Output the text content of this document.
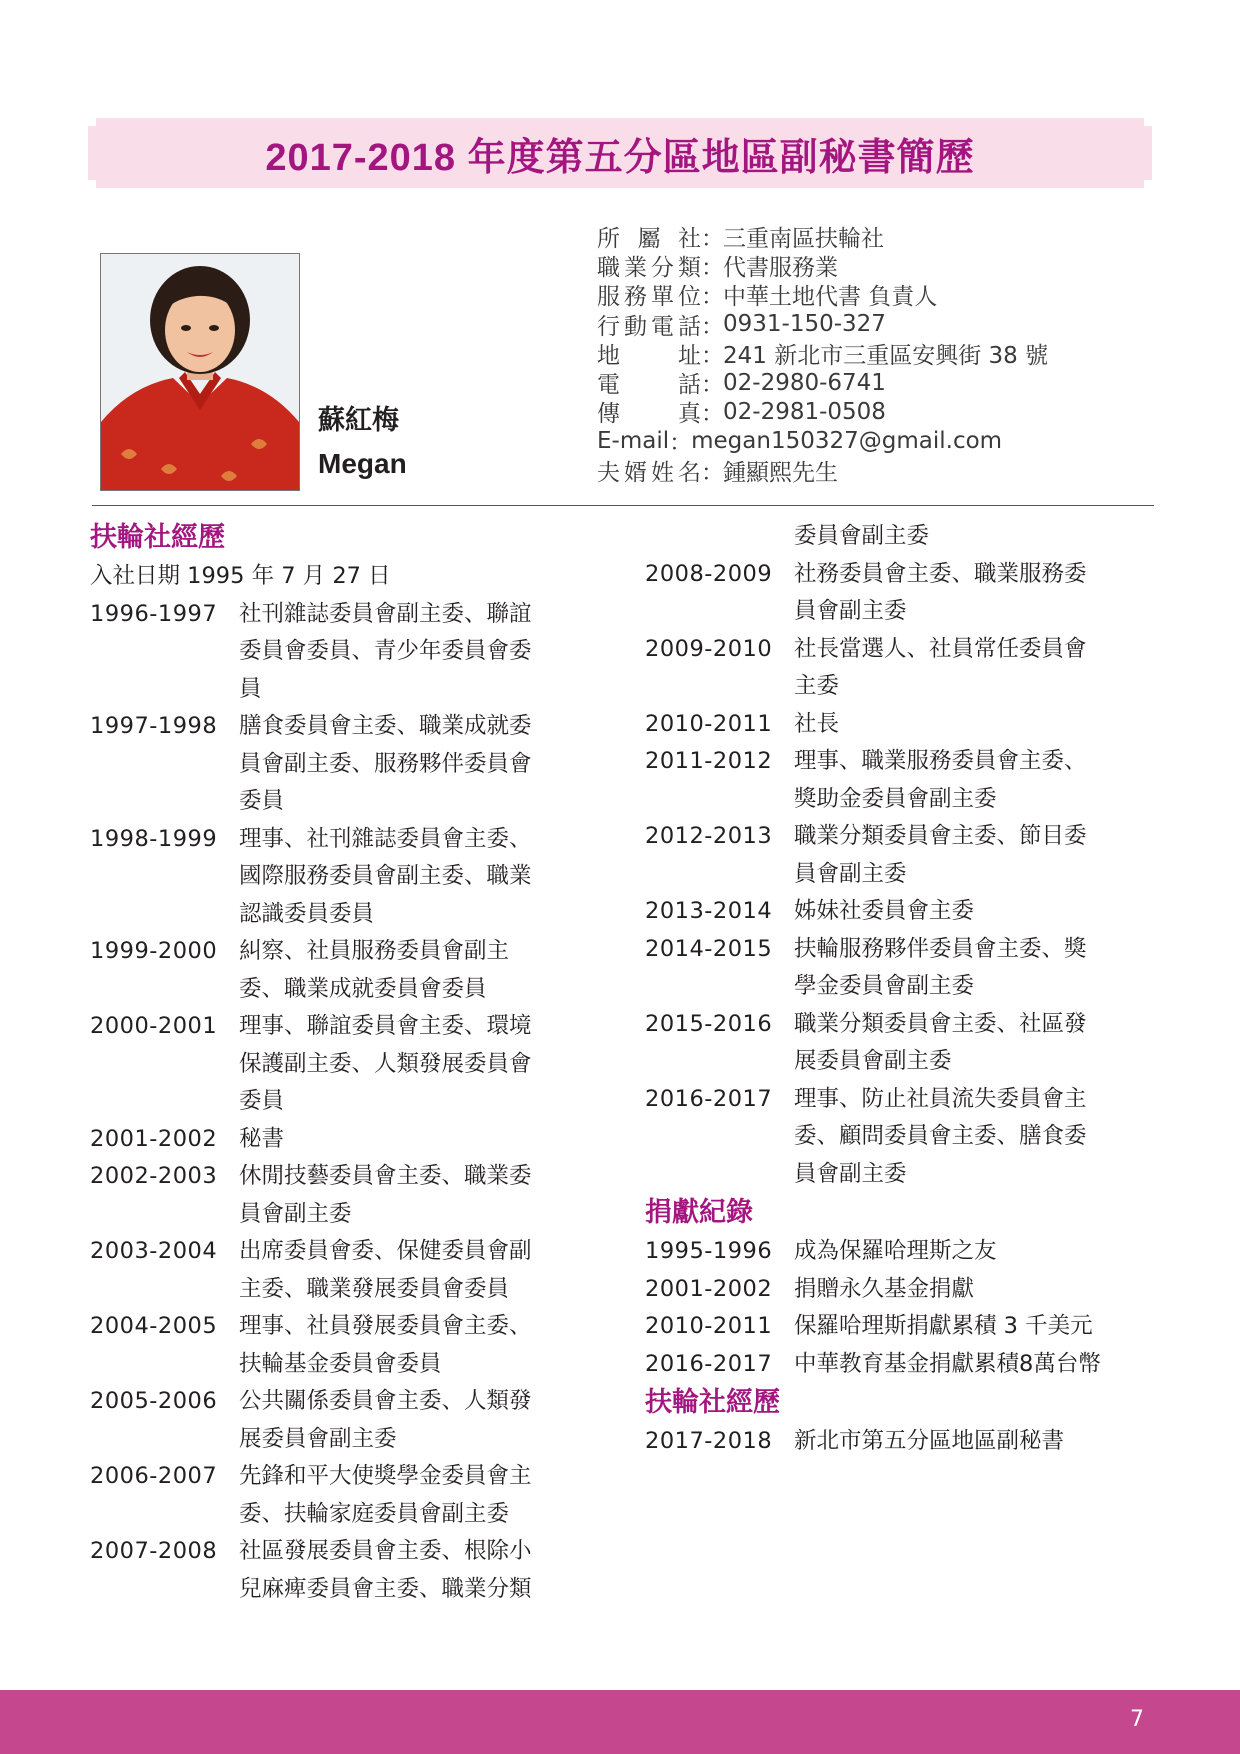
2017-2018 年度第五分區地區副秘書簡歷
蘇紅梅
Megan
所屬社 ： 三重南區扶輪社
職業分類 ： 代書服務業
服務單位 ： 中華土地代書 負責人
行動電話 ： 0931-150-327
地址 ： 241 新北市三重區安興街 38 號
電話 ： 02-2980-6741
傳真 ： 02-2981-0508
E-mail ： megan150327@gmail.com
夫婿姓名 ： 鍾顯熙先生
扶輪社經歷
入社日期 1995 年 7 月 27 日
1996-1997 社刊雜誌委員會副主委、聯誼
委員會委員、青少年委員會委
員
1997-1998 膳食委員會主委、職業成就委
員會副主委、服務夥伴委員會
委員
1998-1999 理事、社刊雜誌委員會主委、
國際服務委員會副主委、職業
認識委員委員
1999-2000 糾察、社員服務委員會副主
委、職業成就委員會委員
2000-2001 理事、聯誼委員會主委、環境
保護副主委、人類發展委員會
委員
2001-2002 秘書
2002-2003 休閒技藝委員會主委、職業委
員會副主委
2003-2004 出席委員會委、保健委員會副
主委、職業發展委員會委員
2004-2005 理事、社員發展委員會主委、
扶輪基金委員會委員
2005-2006 公共關係委員會主委、人類發
展委員會副主委
2006-2007 先鋒和平大使獎學金委員會主
委、扶輪家庭委員會副主委
2007-2008 社區發展委員會主委、根除小
兒麻痺委員會主委、職業分類
委員會副主委
2008-2009 社務委員會主委、職業服務委
員會副主委
2009-2010 社長當選人、社員常任委員會
主委
2010-2011 社長
2011-2012 理事、職業服務委員會主委、
獎助金委員會副主委
2012-2013 職業分類委員會主委、節目委
員會副主委
2013-2014 姊妹社委員會主委
2014-2015 扶輪服務夥伴委員會主委、獎
學金委員會副主委
2015-2016 職業分類委員會主委、社區發
展委員會副主委
2016-2017 理事、防止社員流失委員會主
委、顧問委員會主委、膳食委
員會副主委
捐獻紀錄
1995-1996 成為保羅哈理斯之友
2001-2002 捐贈永久基金捐獻
2010-2011 保羅哈理斯捐獻累積 3 千美元
2016-2017 中華教育基金捐獻累積8萬台幣
扶輪社經歷
2017-2018 新北市第五分區地區副秘書
7
